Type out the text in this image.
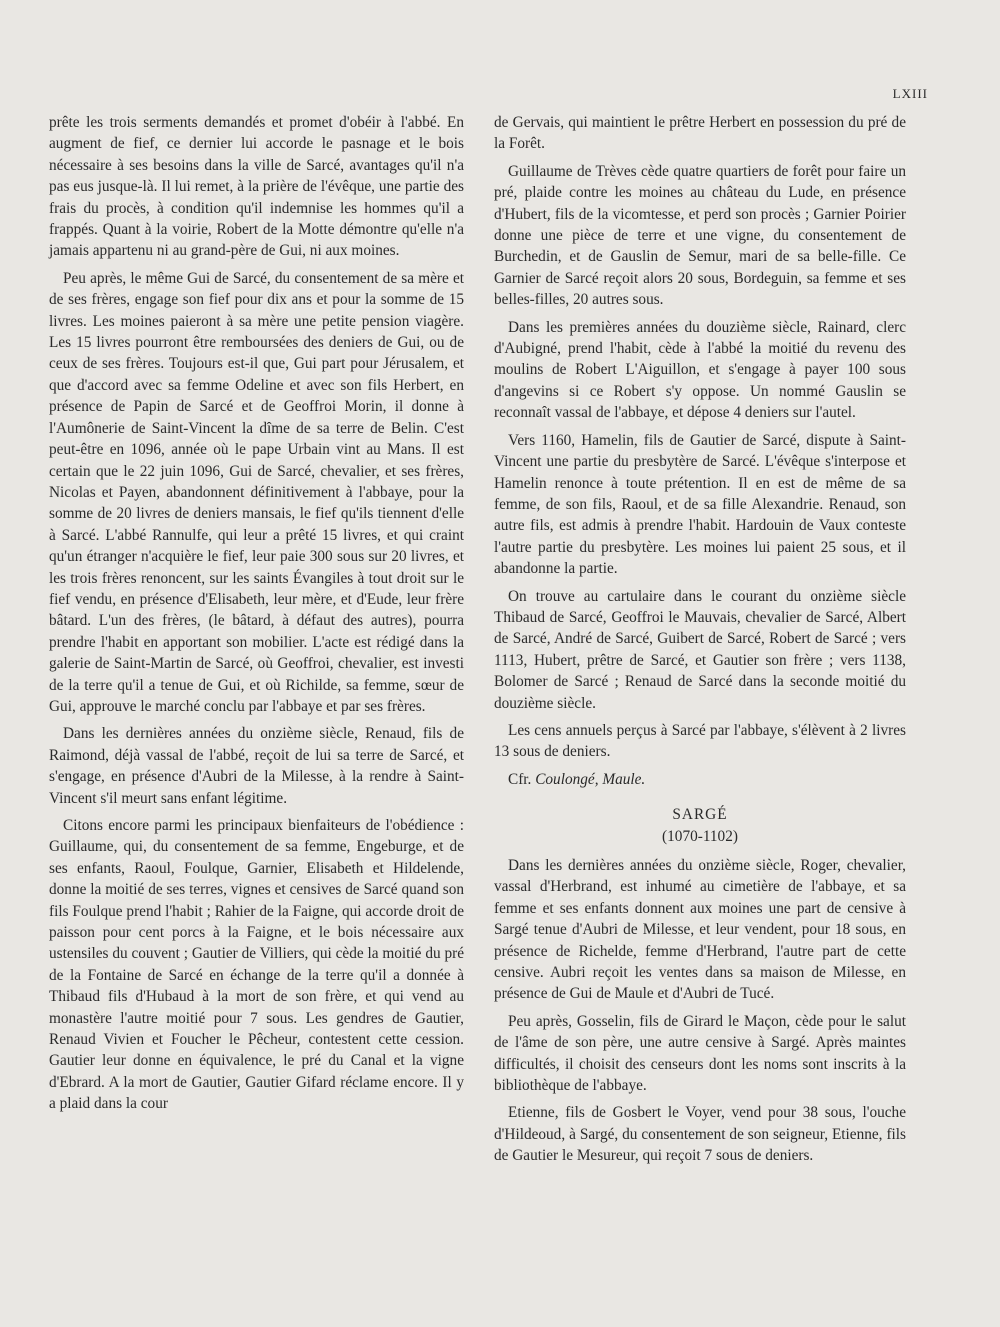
LXIII

prête les trois serments demandés et promet d'obéir à l'abbé. En augment de fief, ce dernier lui accorde le pasnage et le bois nécessaire à ses besoins dans la ville de Sarcé, avantages qu'il n'a pas eus jusque-là. Il lui remet, à la prière de l'évêque, une partie des frais du procès, à condition qu'il indemnise les hommes qu'il a frappés. Quant à la voirie, Robert de la Motte démontre qu'elle n'a jamais appartenu ni au grand-père de Gui, ni aux moines.

Peu après, le même Gui de Sarcé, du consentement de sa mère et de ses frères, engage son fief pour dix ans et pour la somme de 15 livres. Les moines paieront à sa mère une petite pension viagère. Les 15 livres pourront être remboursées des deniers de Gui, ou de ceux de ses frères. Toujours est-il que, Gui part pour Jérusalem, et que d'accord avec sa femme Odeline et avec son fils Herbert, en présence de Papin de Sarcé et de Geoffroi Morin, il donne à l'Aumônerie de Saint-Vincent la dîme de sa terre de Belin. C'est peut-être en 1096, année où le pape Urbain vint au Mans. Il est certain que le 22 juin 1096, Gui de Sarcé, chevalier, et ses frères, Nicolas et Payen, abandonnent définitivement à l'abbaye, pour la somme de 20 livres de deniers mansais, le fief qu'ils tiennent d'elle à Sarcé. L'abbé Rannulfe, qui leur a prêté 15 livres, et qui craint qu'un étranger n'acquière le fief, leur paie 300 sous sur 20 livres, et les trois frères renoncent, sur les saints Évangiles à tout droit sur le fief vendu, en présence d'Elisabeth, leur mère, et d'Eude, leur frère bâtard. L'un des frères, (le bâtard, à défaut des autres), pourra prendre l'habit en apportant son mobilier. L'acte est rédigé dans la galerie de Saint-Martin de Sarcé, où Geoffroi, chevalier, est investi de la terre qu'il a tenue de Gui, et où Richilde, sa femme, sœur de Gui, approuve le marché conclu par l'abbaye et par ses frères.

Dans les dernières années du onzième siècle, Renaud, fils de Raimond, déjà vassal de l'abbé, reçoit de lui sa terre de Sarcé, et s'engage, en présence d'Aubri de la Milesse, à la rendre à Saint-Vincent s'il meurt sans enfant légitime.

Citons encore parmi les principaux bienfaiteurs de l'obédience : Guillaume, qui, du consentement de sa femme, Engeburge, et de ses enfants, Raoul, Foulque, Garnier, Elisabeth et Hildelende, donne la moitié de ses terres, vignes et censives de Sarcé quand son fils Foulque prend l'habit ; Rahier de la Faigne, qui accorde droit de paisson pour cent porcs à la Faigne, et le bois nécessaire aux ustensiles du couvent ; Gautier de Villiers, qui cède la moitié du pré de la Fontaine de Sarcé en échange de la terre qu'il a donnée à Thibaud fils d'Hubaud à la mort de son frère, et qui vend au monastère l'autre moitié pour 7 sous. Les gendres de Gautier, Renaud Vivien et Foucher le Pêcheur, contestent cette cession. Gautier leur donne en équivalence, le pré du Canal et la vigne d'Ebrard. A la mort de Gautier, Gautier Gifard réclame encore. Il y a plaid dans la cour

de Gervais, qui maintient le prêtre Herbert en possession du pré de la Forêt.

Guillaume de Trèves cède quatre quartiers de forêt pour faire un pré, plaide contre les moines au château du Lude, en présence d'Hubert, fils de la vicomtesse, et perd son procès ; Garnier Poirier donne une pièce de terre et une vigne, du consentement de Burchedin, et de Gauslin de Semur, mari de sa belle-fille. Ce Garnier de Sarcé reçoit alors 20 sous, Bordeguin, sa femme et ses belles-filles, 20 autres sous.

Dans les premières années du douzième siècle, Rainard, clerc d'Aubigné, prend l'habit, cède à l'abbé la moitié du revenu des moulins de Robert L'Aiguillon, et s'engage à payer 100 sous d'angevins si ce Robert s'y oppose. Un nommé Gauslin se reconnaît vassal de l'abbaye, et dépose 4 deniers sur l'autel.

Vers 1160, Hamelin, fils de Gautier de Sarcé, dispute à Saint-Vincent une partie du presbytère de Sarcé. L'évêque s'interpose et Hamelin renonce à toute prétention. Il en est de même de sa femme, de son fils, Raoul, et de sa fille Alexandrie. Renaud, son autre fils, est admis à prendre l'habit. Hardouin de Vaux conteste l'autre partie du presbytère. Les moines lui paient 25 sous, et il abandonne la partie.

On trouve au cartulaire dans le courant du onzième siècle Thibaud de Sarcé, Geoffroi le Mauvais, chevalier de Sarcé, Albert de Sarcé, André de Sarcé, Guibert de Sarcé, Robert de Sarcé ; vers 1113, Hubert, prêtre de Sarcé, et Gautier son frère ; vers 1138, Bolomer de Sarcé ; Renaud de Sarcé dans la seconde moitié du douzième siècle.

Les cens annuels perçus à Sarcé par l'abbaye, s'élèvent à 2 livres 13 sous de deniers.

Cfr. Coulongé, Maule.

SARGÉ
(1070-1102)

Dans les dernières années du onzième siècle, Roger, chevalier, vassal d'Herbrand, est inhumé au cimetière de l'abbaye, et sa femme et ses enfants donnent aux moines une part de censive à Sargé tenue d'Aubri de Milesse, et leur vendent, pour 18 sous, en présence de Richelde, femme d'Herbrand, l'autre part de cette censive. Aubri reçoit les ventes dans sa maison de Milesse, en présence de Gui de Maule et d'Aubri de Tucé.

Peu après, Gosselin, fils de Girard le Maçon, cède pour le salut de l'âme de son père, une autre censive à Sargé. Après maintes difficultés, il choisit des censeurs dont les noms sont inscrits à la bibliothèque de l'abbaye.

Etienne, fils de Gosbert le Voyer, vend pour 38 sous, l'ouche d'Hildeoud, à Sargé, du consentement de son seigneur, Etienne, fils de Gautier le Mesureur, qui reçoit 7 sous de deniers.
